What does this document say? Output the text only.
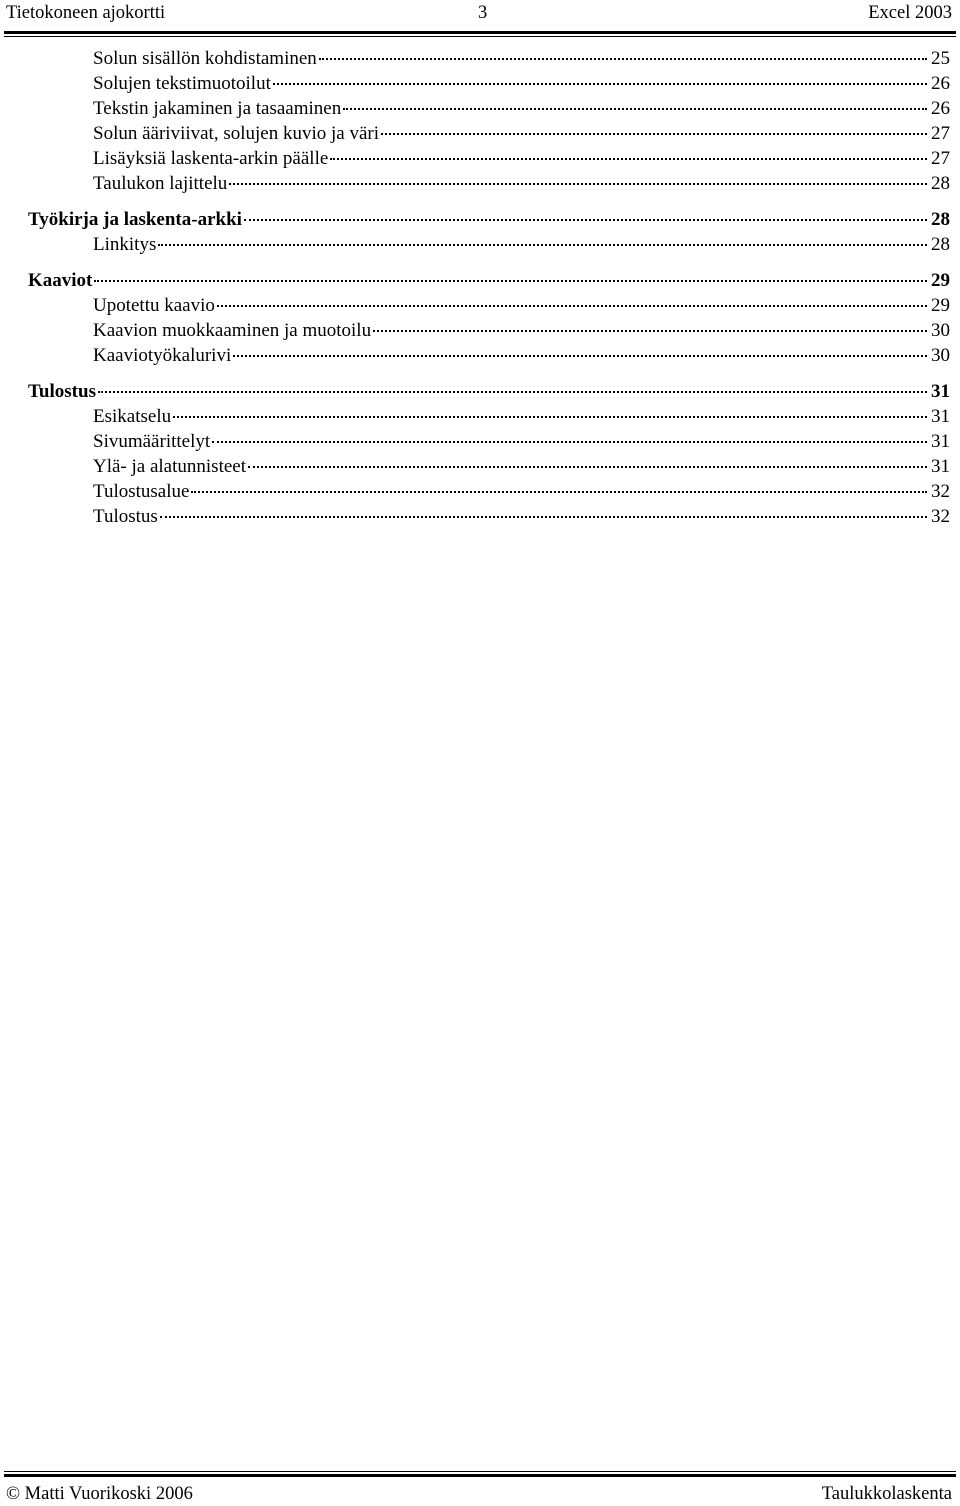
Tietokoneen ajokortti	3	Excel 2003
Solun sisällön kohdistaminen	25
Solujen tekstimuotoilut	26
Tekstin jakaminen ja tasaaminen	26
Solun ääriviivat, solujen kuvio ja väri	27
Lisäyksiä laskenta-arkin päälle	27
Taulukon lajittelu	28
Työkirja ja laskenta-arkki	28
Linkitys	28
Kaaviot	29
Upotettu kaavio	29
Kaavion muokkaaminen ja muotoilu	30
Kaaviotyökalurivi	30
Tulostus	31
Esikatselu	31
Sivumäärittelyt	31
Ylä- ja alatunnisteet	31
Tulostusalue	32
Tulostus	32
© Matti Vuorikoski 2006	Taulukkolaskenta
